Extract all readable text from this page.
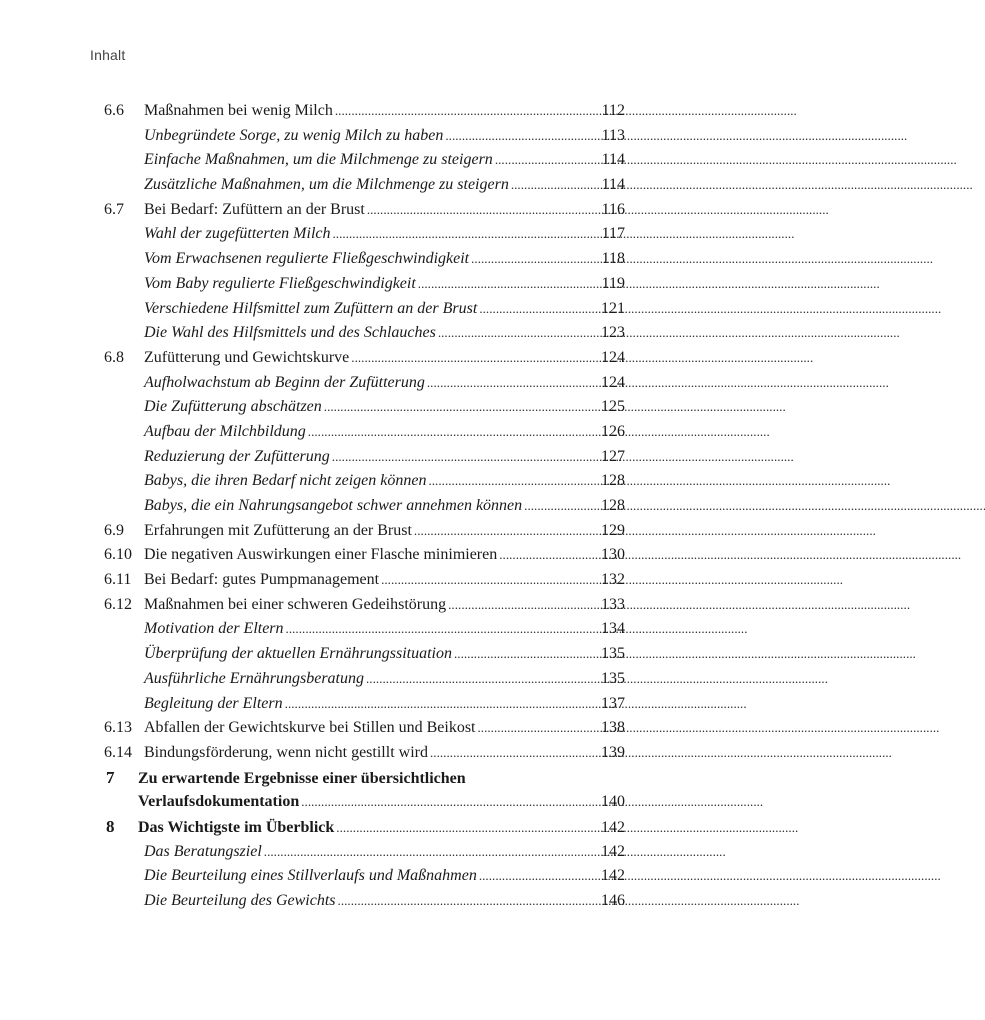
Inhalt
6.6	Maßnahmen bei wenig Milch . . .	112
Unbegründete Sorge, zu wenig Milch zu haben . . .	113
Einfache Maßnahmen, um die Milchmenge zu steigern . . .	114
Zusätzliche Maßnahmen, um die Milchmenge zu steigern . . .	114
6.7	Bei Bedarf: Zufüttern an der Brust . . .	116
Wahl der zugefütterten Milch . . .	117
Vom Erwachsenen regulierte Fließgeschwindigkeit . . .	118
Vom Baby regulierte Fließgeschwindigkeit . . .	119
Verschiedene Hilfsmittel zum Zufüttern an der Brust . . .	121
Die Wahl des Hilfsmittels und des Schlauches . . .	123
6.8	Zufütterung und Gewichtskurve . . .	124
Aufholwachstum ab Beginn der Zufütterung . . .	124
Die Zufütterung abschätzen . . .	125
Aufbau der Milchbildung . . .	126
Reduzierung der Zufütterung . . .	127
Babys, die ihren Bedarf nicht zeigen können . . .	128
Babys, die ein Nahrungsangebot schwer annehmen können . . .	128
6.9	Erfahrungen mit Zufütterung an der Brust . . .	129
6.10 Die negativen Auswirkungen einer Flasche minimieren . . .	130
6.11 Bei Bedarf: gutes Pumpmanagement . . .	132
6.12 Maßnahmen bei einer schweren Gedeihstörung . . .	133
Motivation der Eltern . . .	134
Überprüfung der aktuellen Ernährungssituation . . .	135
Ausführliche Ernährungsberatung . . .	135
Begleitung der Eltern . . .	137
6.13 Abfallen der Gewichtskurve bei Stillen und Beikost . . .	138
6.14 Bindungsförderung, wenn nicht gestillt wird . . .	139
7	Zu erwartende Ergebnisse einer übersichtlichen
Verlaufsdokumentation . . .	140
8	Das Wichtigste im Überblick . . .	142
Das Beratungsziel . . .	142
Die Beurteilung eines Stillverlaufs und Maßnahmen . . .	142
Die Beurteilung des Gewichts . . .	146
